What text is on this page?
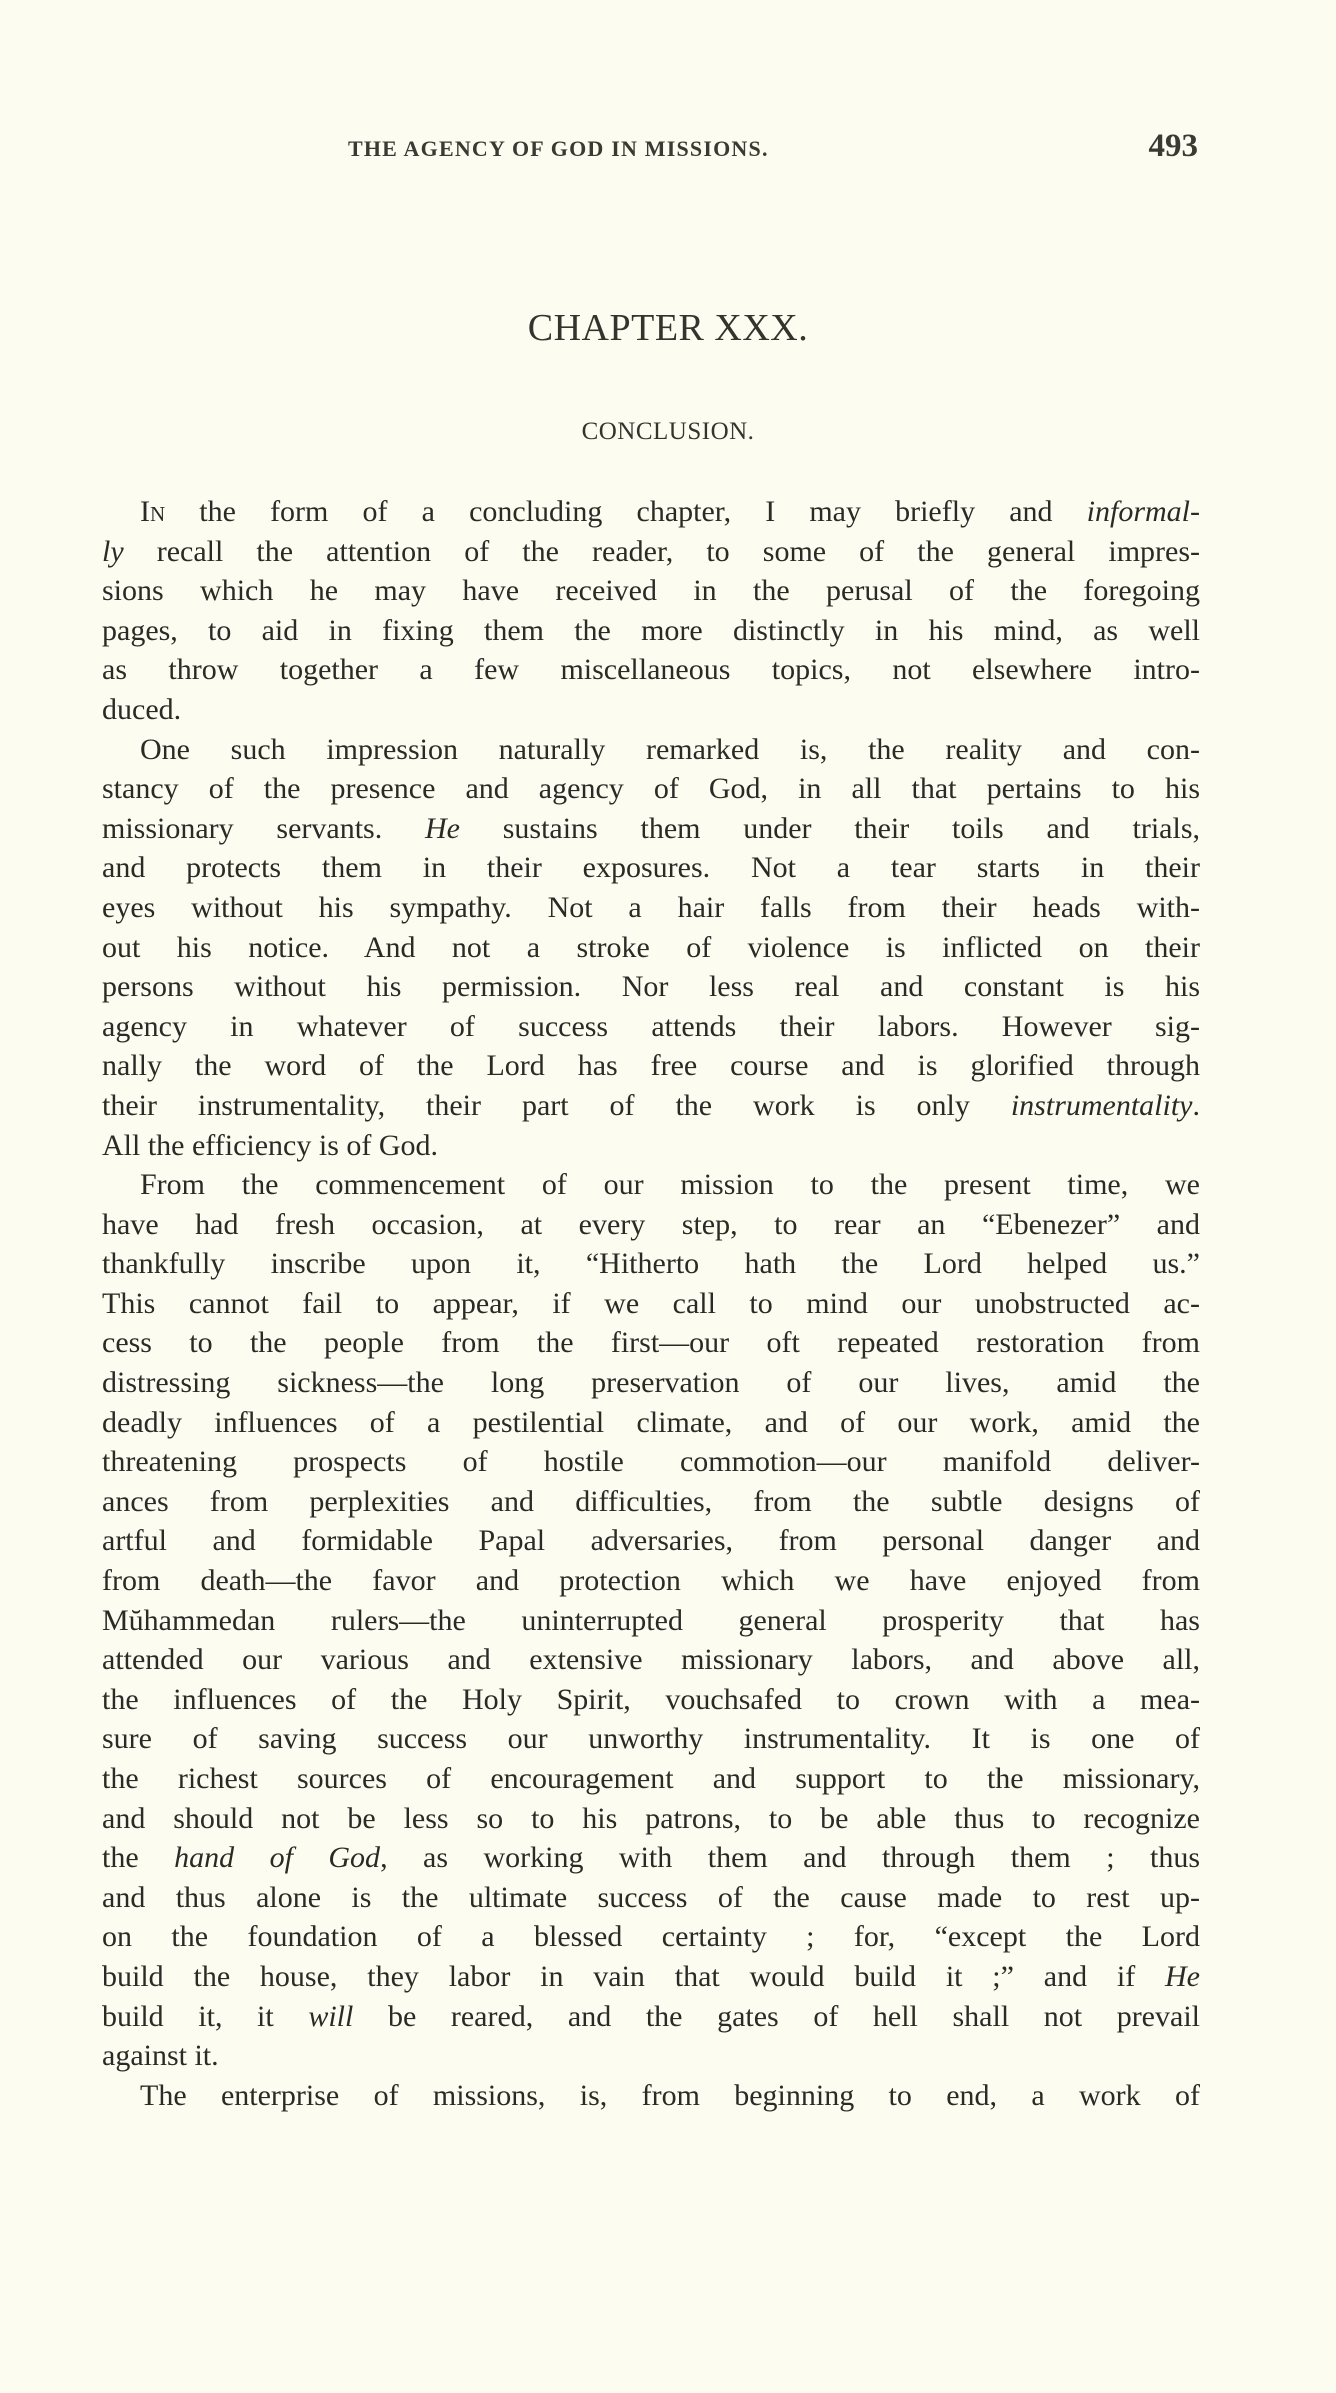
THE AGENCY OF GOD IN MISSIONS.	493
CHAPTER XXX.
CONCLUSION.
In the form of a concluding chapter, I may briefly and informal-
ly recall the attention of the reader, to some of the general impres-
sions which he may have received in the perusal of the foregoing
pages, to aid in fixing them the more distinctly in his mind, as well
as throw together a few miscellaneous topics, not elsewhere intro-
duced.
One such impression naturally remarked is, the reality and con-
stancy of the presence and agency of God, in all that pertains to his
missionary servants. He sustains them under their toils and trials,
and protects them in their exposures. Not a tear starts in their
eyes without his sympathy. Not a hair falls from their heads with-
out his notice. And not a stroke of violence is inflicted on their
persons without his permission. Nor less real and constant is his
agency in whatever of success attends their labors. However sig-
nally the word of the Lord has free course and is glorified through
their instrumentality, their part of the work is only instrumentality.
All the efficiency is of God.
From the commencement of our mission to the present time, we
have had fresh occasion, at every step, to rear an “Ebenezer” and
thankfully inscribe upon it, “Hitherto hath the Lord helped us.”
This cannot fail to appear, if we call to mind our unobstructed ac-
cess to the people from the first—our oft repeated restoration from
distressing sickness—the long preservation of our lives, amid the
deadly influences of a pestilential climate, and of our work, amid the
threatening prospects of hostile commotion—our manifold deliver-
ances from perplexities and difficulties, from the subtle designs of
artful and formidable Papal adversaries, from personal danger and
from death—the favor and protection which we have enjoyed from
Mŭhammedan rulers—the uninterrupted general prosperity that has
attended our various and extensive missionary labors, and above all,
the influences of the Holy Spirit, vouchsafed to crown with a mea-
sure of saving success our unworthy instrumentality. It is one of
the richest sources of encouragement and support to the missionary,
and should not be less so to his patrons, to be able thus to recognize
the hand of God, as working with them and through them ; thus
and thus alone is the ultimate success of the cause made to rest up-
on the foundation of a blessed certainty ; for, “except the Lord
build the house, they labor in vain that would build it ;” and if He
build it, it will be reared, and the gates of hell shall not prevail
against it.
The enterprise of missions, is, from beginning to end, a work of
